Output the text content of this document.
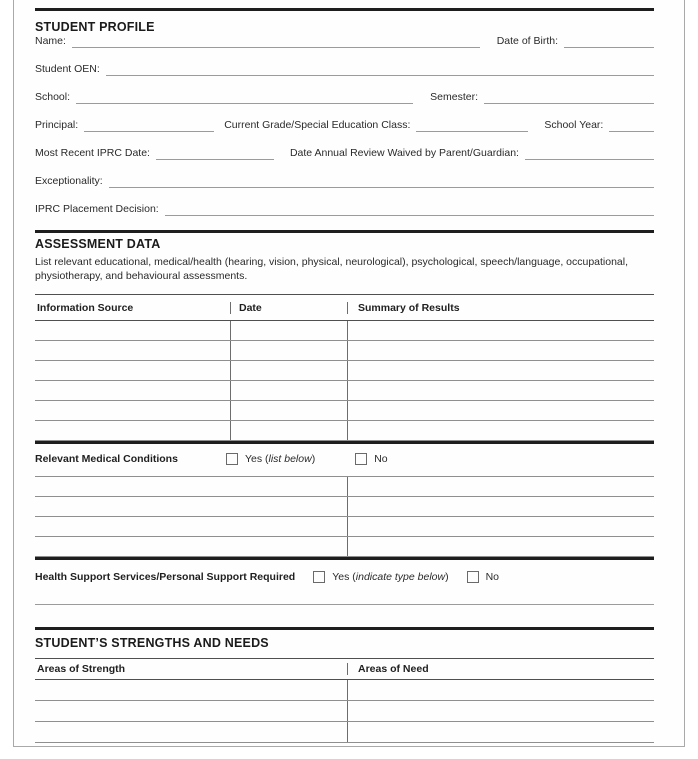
STUDENT PROFILE
Name:	Date of Birth:
Student OEN:
School:	Semester:
Principal:	Current Grade/Special Education Class:	School Year:
Most Recent IPRC Date:	Date Annual Review Waived by Parent/Guardian:
Exceptionality:
IPRC Placement Decision:
ASSESSMENT DATA
List relevant educational, medical/health (hearing, vision, physical, neurological), psychological, speech/language, occupational, physiotherapy, and behavioural assessments.
Information Source	Date	Summary of Results
Relevant Medical Conditions	Yes (list below)	No
Health Support Services/Personal Support Required	Yes (indicate type below)	No
STUDENT’S STRENGTHS AND NEEDS
Areas of Strength	Areas of Need
